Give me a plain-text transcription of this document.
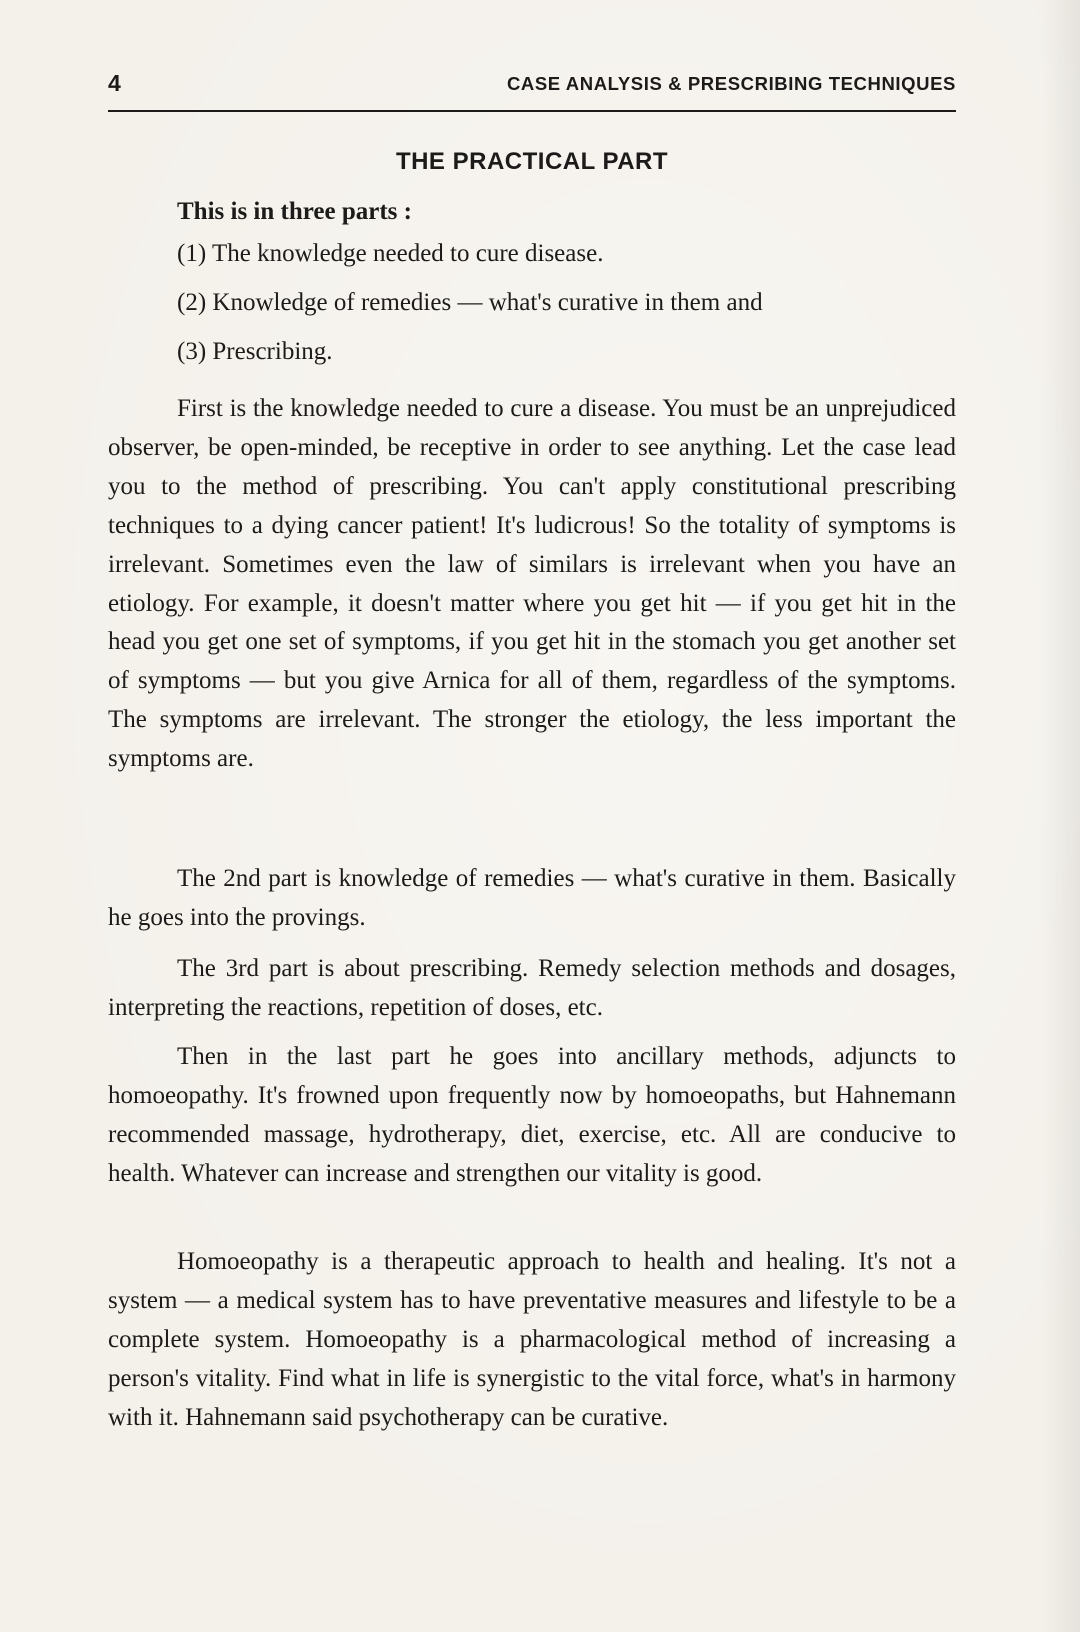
4	CASE ANALYSIS & PRESCRIBING TECHNIQUES
THE PRACTICAL PART
This is in three parts :
(1) The knowledge needed to cure disease.
(2) Knowledge of remedies — what's curative in them and
(3) Prescribing.

First is the knowledge needed to cure a disease. You must be an unprejudiced observer, be open-minded, be receptive in order to see anything. Let the case lead you to the method of prescribing. You can't apply constitutional prescribing techniques to a dying cancer patient! It's ludicrous! So the totality of symptoms is irrelevant. Sometimes even the law of similars is irrelevant when you have an etiology. For example, it doesn't matter where you get hit — if you get hit in the head you get one set of symptoms, if you get hit in the stomach you get another set of symptoms — but you give Arnica for all of them, regardless of the symptoms. The symptoms are irrelevant. The stronger the etiology, the less important the symptoms are.

The 2nd part is knowledge of remedies — what's curative in them. Basically he goes into the provings.

The 3rd part is about prescribing. Remedy selection methods and dosages, interpreting the reactions, repetition of doses, etc.

Then in the last part he goes into ancillary methods, adjuncts to homoeopathy. It's frowned upon frequently now by homoeopaths, but Hahnemann recommended massage, hydrotherapy, diet, exercise, etc. All are conducive to health. Whatever can increase and strengthen our vitality is good.

Homoeopathy is a therapeutic approach to health and healing. It's not a system — a medical system has to have preventative measures and lifestyle to be a complete system. Homoeopathy is a pharmacological method of increasing a person's vitality. Find what in life is synergistic to the vital force, what's in harmony with it. Hahnemann said psychotherapy can be curative.
